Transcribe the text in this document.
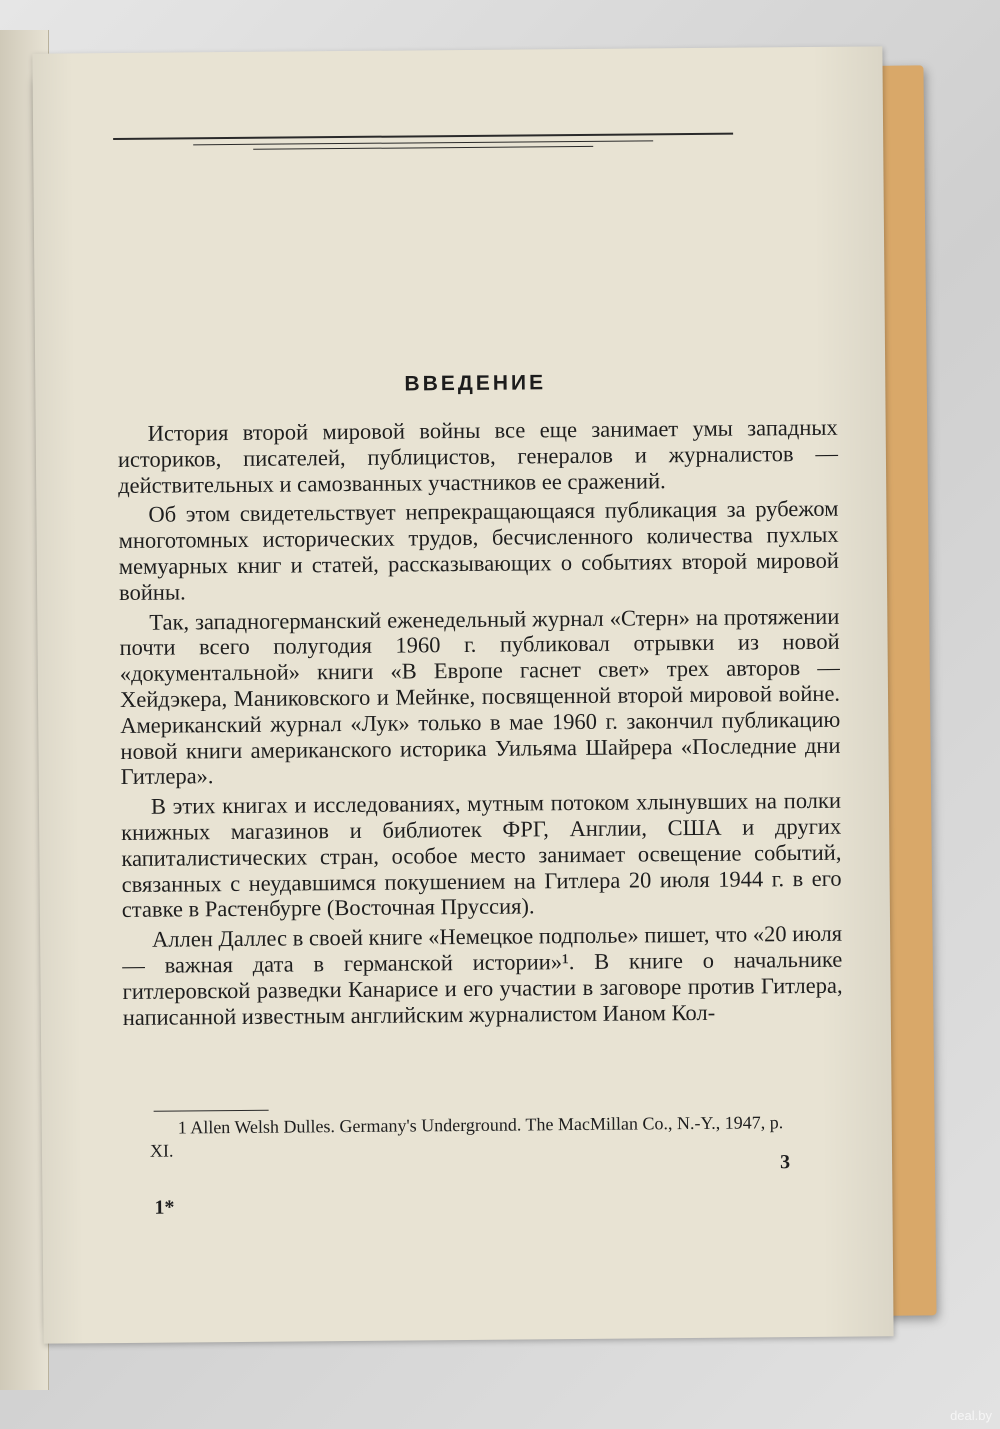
ВВЕДЕНИЕ

История второй мировой войны все еще занимает умы западных историков, писателей, публицистов, генералов и журналистов — действительных и самозванных участников ее сражений.

Об этом свидетельствует непрекращающаяся публикация за рубежом многотомных исторических трудов, бесчисленного количества пухлых мемуарных книг и статей, рассказывающих о событиях второй мировой войны.

Так, западногерманский еженедельный журнал «Стерн» на протяжении почти всего полугодия 1960 г. публиковал отрывки из новой «документальной» книги «В Европе гаснет свет» трех авторов — Хейдэкера, Маниковского и Мейнке, посвященной второй мировой войне. Американский журнал «Лук» только в мае 1960 г. закончил публикацию новой книги американского историка Уильяма Шайрера «Последние дни Гитлера».

В этих книгах и исследованиях, мутным потоком хлынувших на полки книжных магазинов и библиотек ФРГ, Англии, США и других капиталистических стран, особое место занимает освещение событий, связанных с неудавшимся покушением на Гитлера 20 июля 1944 г. в его ставке в Растенбурге (Восточная Пруссия).

Аллен Даллес в своей книге «Немецкое подполье» пишет, что «20 июля — важная дата в германской истории»¹. В книге о начальнике гитлеровской разведки Канарисе и его участии в заговоре против Гитлера, написанной известным английским журналистом Ианом Кол-

1 Allen Welsh Dulles. Germany's Underground. The MacMillan Co., N.-Y., 1947, p. XI.
3
1*
deal.by
